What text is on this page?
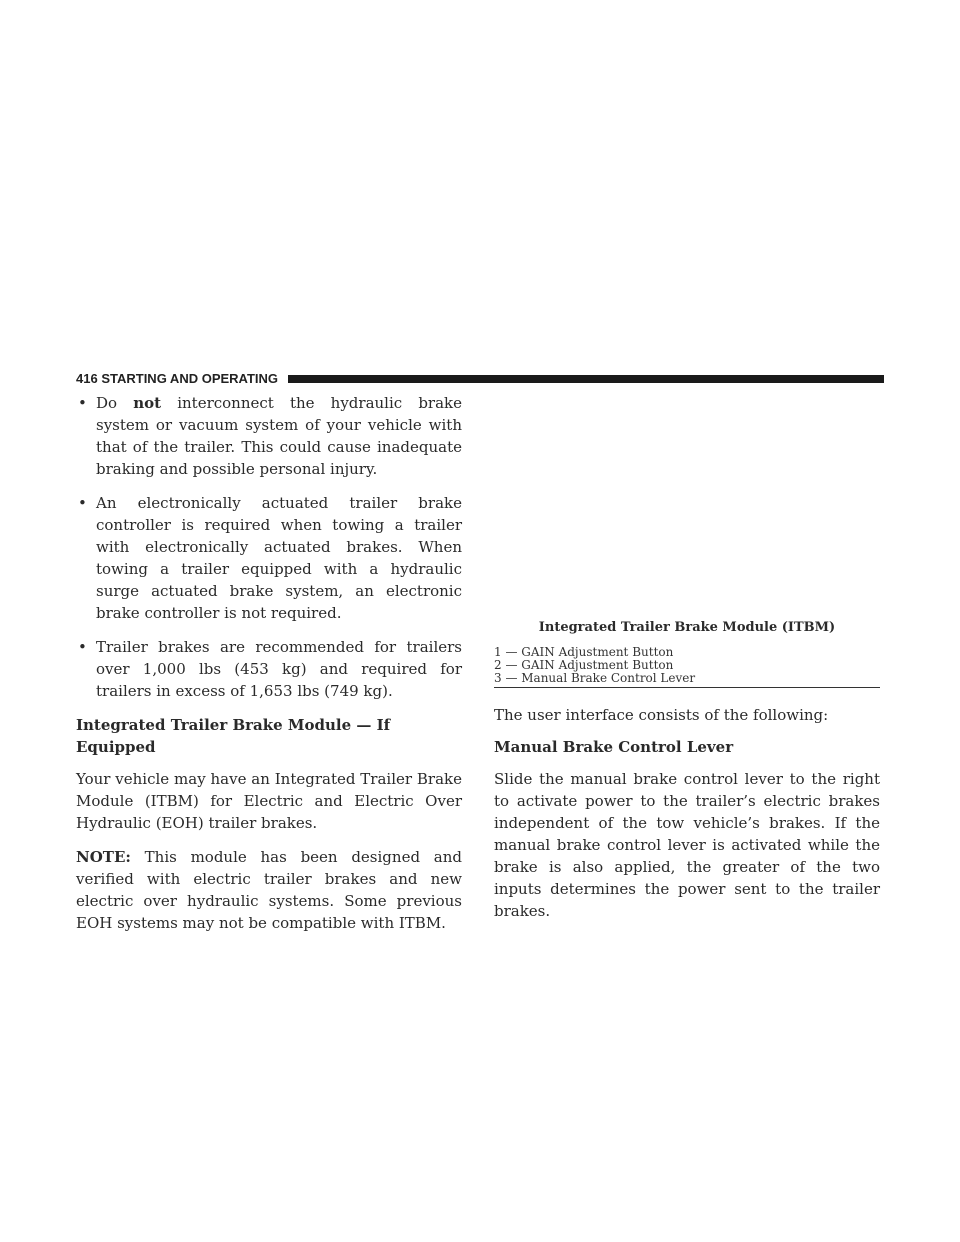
416 STARTING AND OPERATING
• Do not interconnect the hydraulic brake system or vacuum system of your vehicle with that of the trailer. This could cause inadequate braking and possible personal injury.
• An electronically actuated trailer brake controller is required when towing a trailer with electronically actuated brakes. When towing a trailer equipped with a hydraulic surge actuated brake system, an electronic brake controller is not required.
• Trailer brakes are recommended for trailers over 1,000 lbs (453 kg) and required for trailers in excess of 1,653 lbs (749 kg).
Integrated Trailer Brake Module — If Equipped

Your vehicle may have an Integrated Trailer Brake Module (ITBM) for Electric and Electric Over Hydraulic (EOH) trailer brakes.

NOTE: This module has been designed and verified with electric trailer brakes and new electric over hydraulic systems. Some previous EOH systems may not be compatible with ITBM.

Integrated Trailer Brake Module (ITBM)
1 — GAIN Adjustment Button
2 — GAIN Adjustment Button
3 — Manual Brake Control Lever

The user interface consists of the following:

Manual Brake Control Lever

Slide the manual brake control lever to the right to activate power to the trailer’s electric brakes independent of the tow vehicle’s brakes. If the manual brake control lever is activated while the brake is also applied, the greater of the two inputs determines the power sent to the trailer brakes.
